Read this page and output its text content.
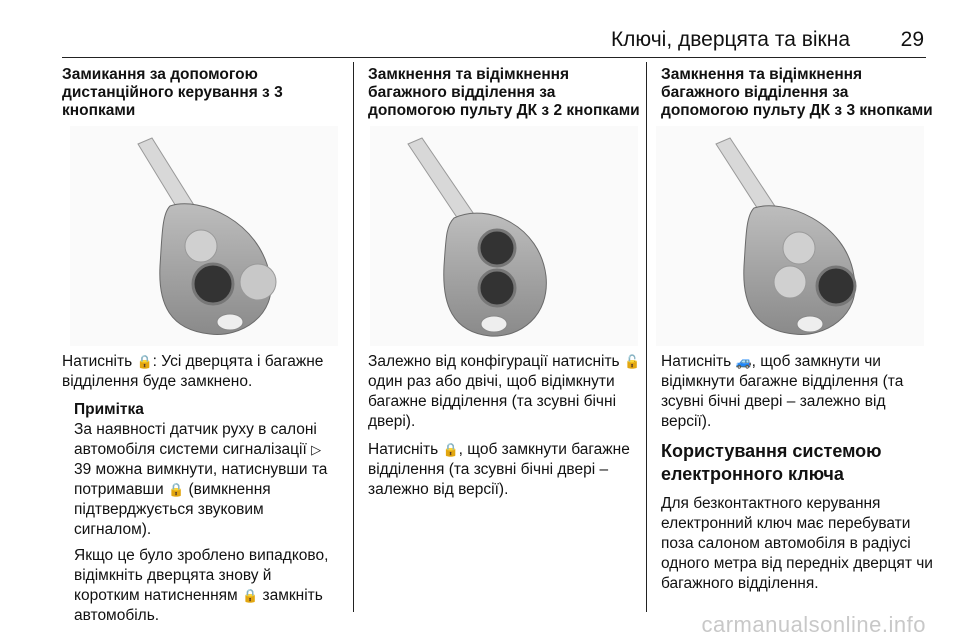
Ключі, дверцята та вікна 29
Замикання за допомогою дистанційного керування з 3 кнопками

Натисніть 🔒: Усі дверцята і багажне відділення буде замкнено.

Примітка

За наявності датчик руху в салоні автомобіля системи сигналізації ▷ 39 можна вимкнути, натиснувши та потримавши 🔒 (вимкнення підтверджується звуковим сигналом).

Якщо це було зроблено випадково, відімкніть дверцята знову й коротким натисненням 🔒 замкніть автомобіль.

Замкнення та відімкнення багажного відділення за допомогою пульту ДК з 2 кнопками

Залежно від конфігурації натисніть 🔓 один раз або двічі, щоб відімкнути багажне відділення (та зсувні бічні двері).

Натисніть 🔒, щоб замкнути багажне відділення (та зсувні бічні двері – залежно від версії).

Замкнення та відімкнення багажного відділення за допомогою пульту ДК з 3 кнопками

Натисніть 🚙, щоб замкнути чи відімкнути багажне відділення (та зсувні бічні двері – залежно від версії).

Користування системою електронного ключа

Для безконтактного керування електронний ключ має перебувати поза салоном автомобіля в радіусі одного метра від передніх дверцят чи багажного відділення.

carmanualsonline.info
